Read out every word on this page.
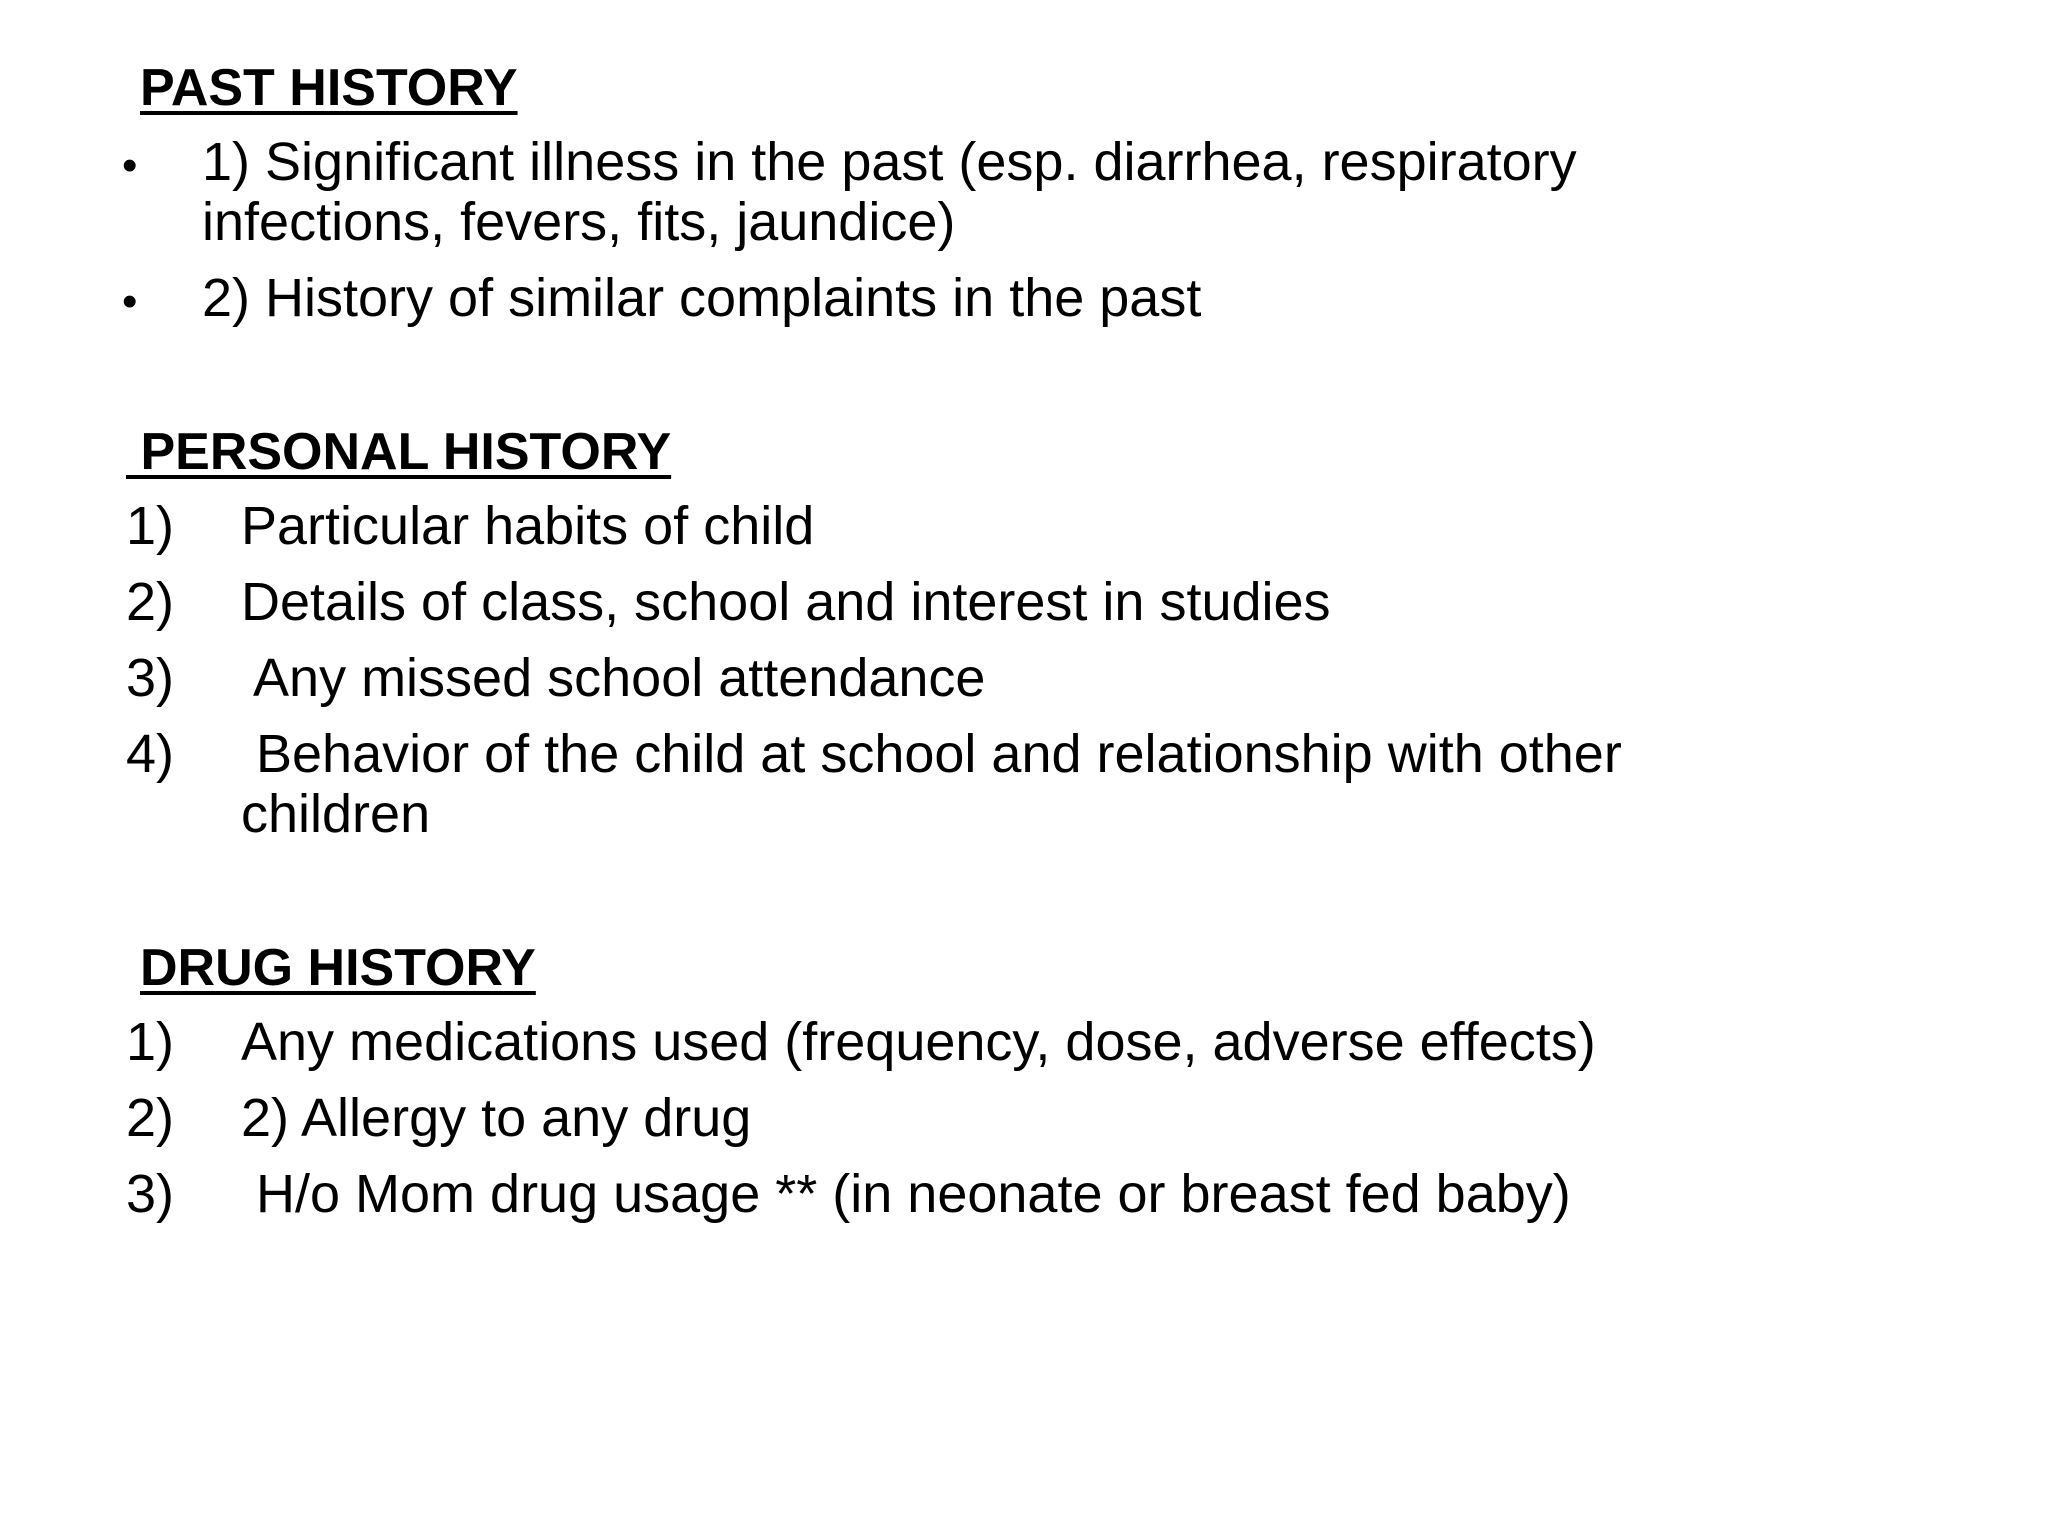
PAST HISTORY
• 1) Significant illness in the past (esp. diarrhea, respiratory
infections, fevers, fits, jaundice)
• 2) History of similar complaints in the past
PERSONAL HISTORY
1) Particular habits of child
2) Details of class, school and interest in studies
3) Any missed school attendance
4) Behavior of the child at school and relationship with other
children
DRUG HISTORY
1) Any medications used (frequency, dose, adverse effects)
2) 2) Allergy to any drug
3) H/o Mom drug usage ** (in neonate or breast fed baby)
